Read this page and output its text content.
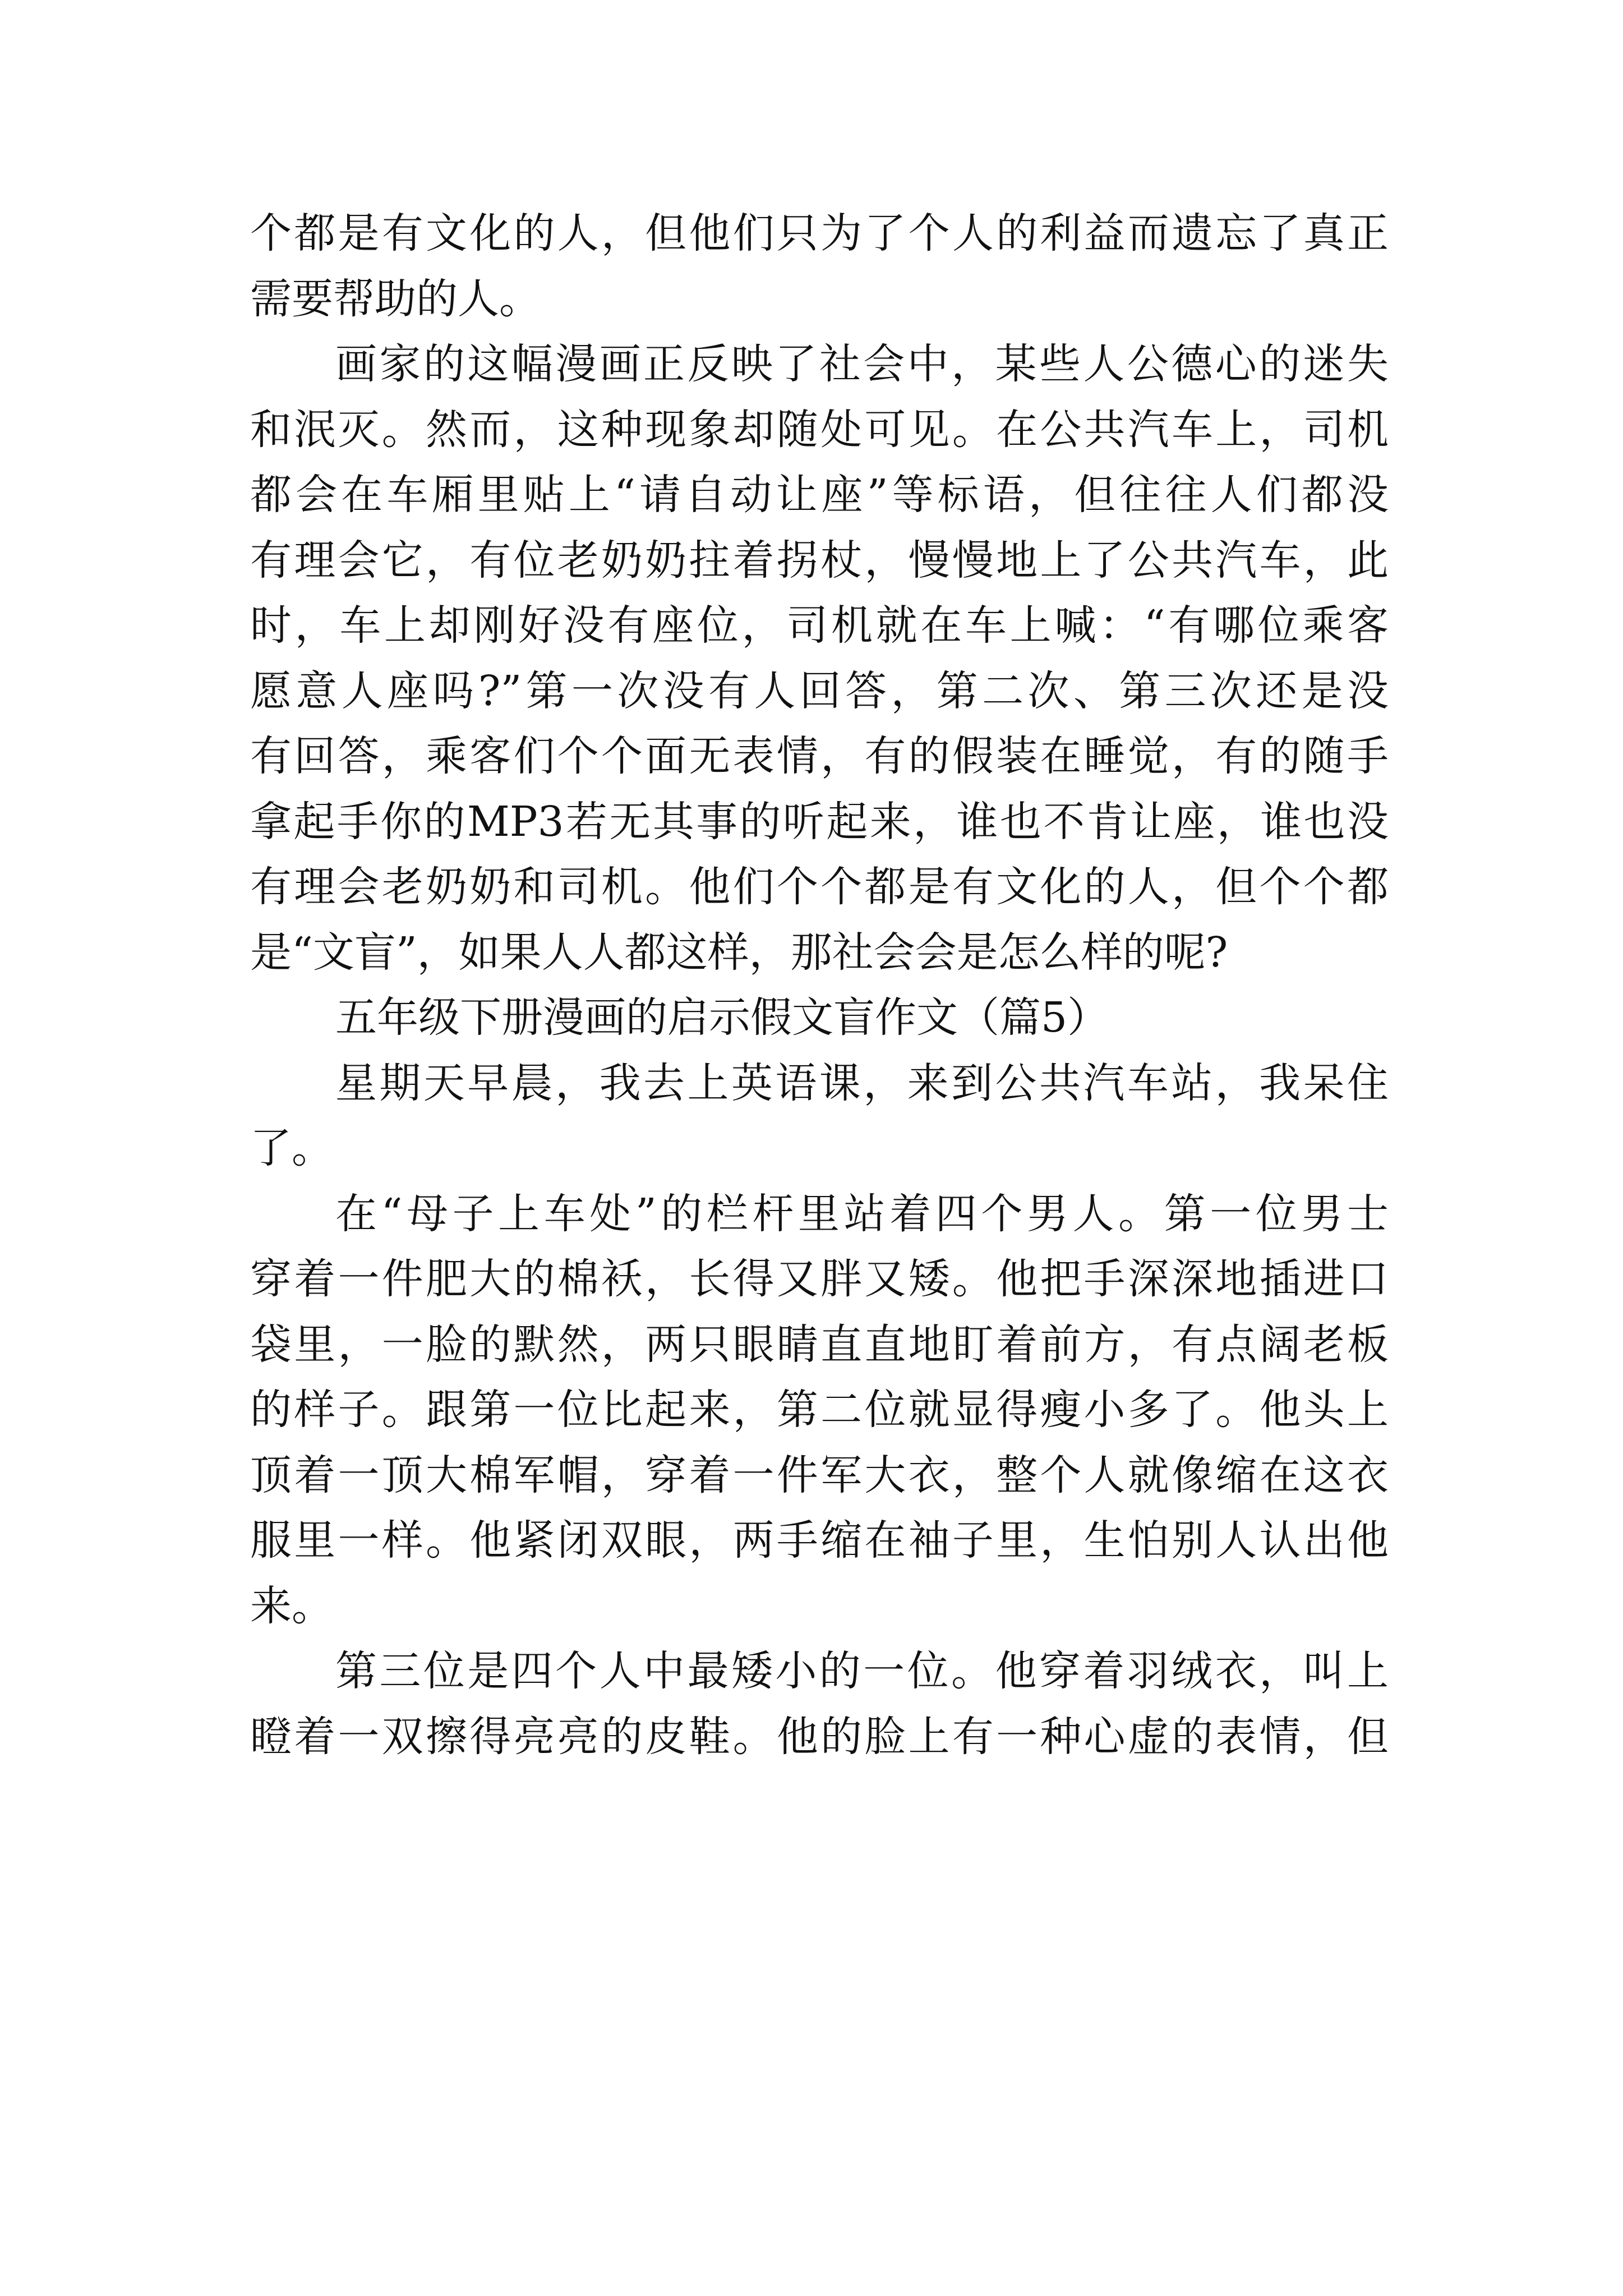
个都是有文化的人，但他们只为了个人的利益而遗忘了真正
需要帮助的人。
画家的这幅漫画正反映了社会中，某些人公德心的迷失
和泯灭。然而，这种现象却随处可见。在公共汽车上，司机
都会在车厢里贴上“请自动让座”等标语，但往往人们都没
有理会它，有位老奶奶拄着拐杖，慢慢地上了公共汽车，此
时，车上却刚好没有座位，司机就在车上喊：“有哪位乘客
愿意人座吗?”第一次没有人回答，第二次、第三次还是没
有回答，乘客们个个面无表情，有的假装在睡觉，有的随手
拿起手你的MP3若无其事的听起来，谁也不肯让座，谁也没
有理会老奶奶和司机。他们个个都是有文化的人，但个个都
是“文盲”，如果人人都这样，那社会会是怎么样的呢?
五年级下册漫画的启示假文盲作文（篇5）
星期天早晨，我去上英语课，来到公共汽车站，我呆住
了。
在“母子上车处”的栏杆里站着四个男人。第一位男士
穿着一件肥大的棉袄，长得又胖又矮。他把手深深地插进口
袋里，一脸的默然，两只眼睛直直地盯着前方，有点阔老板
的样子。跟第一位比起来，第二位就显得瘦小多了。他头上
顶着一顶大棉军帽，穿着一件军大衣，整个人就像缩在这衣
服里一样。他紧闭双眼，两手缩在袖子里，生怕别人认出他
来。
第三位是四个人中最矮小的一位。他穿着羽绒衣，叫上
瞪着一双擦得亮亮的皮鞋。他的脸上有一种心虚的表情，但
